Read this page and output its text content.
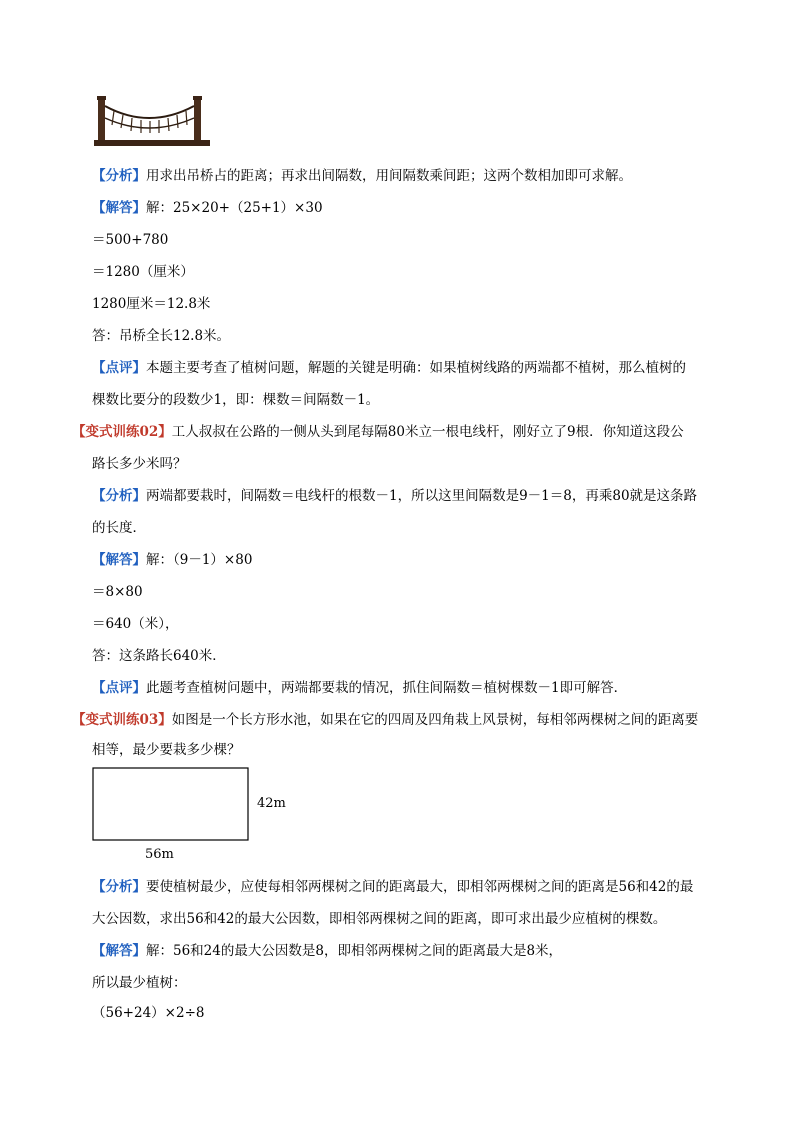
【分析】用求出吊桥占的距离；再求出间隔数，用间隔数乘间距；这两个数相加即可求解。
【解答】解：25×20+（25+1）×30
＝500+780
＝1280（厘米）
1280厘米＝12.8米
答：吊桥全长12.8米。
【点评】本题主要考查了植树问题，解题的关键是明确：如果植树线路的两端都不植树，那么植树的
棵数比要分的段数少1，即：棵数＝间隔数－1。
【变式训练02】工人叔叔在公路的一侧从头到尾每隔80米立一根电线杆，刚好立了9根．你知道这段公
路长多少米吗？
【分析】两端都要栽时，间隔数＝电线杆的根数－1，所以这里间隔数是9－1＝8，再乘80就是这条路
的长度．
【解答】解：（9－1）×80
＝8×80
＝640（米），
答：这条路长640米．
【点评】此题考查植树问题中，两端都要栽的情况，抓住间隔数＝植树棵数－1即可解答．
【变式训练03】如图是一个长方形水池，如果在它的四周及四角栽上风景树，每相邻两棵树之间的距离要
相等，最少要栽多少棵？
42m
56m
【分析】要使植树最少，应使每相邻两棵树之间的距离最大，即相邻两棵树之间的距离是56和42的最
大公因数，求出56和42的最大公因数，即相邻两棵树之间的距离，即可求出最少应植树的棵数。
【解答】解：56和24的最大公因数是8，即相邻两棵树之间的距离最大是8米，
所以最少植树：
（56+24）×2÷8
